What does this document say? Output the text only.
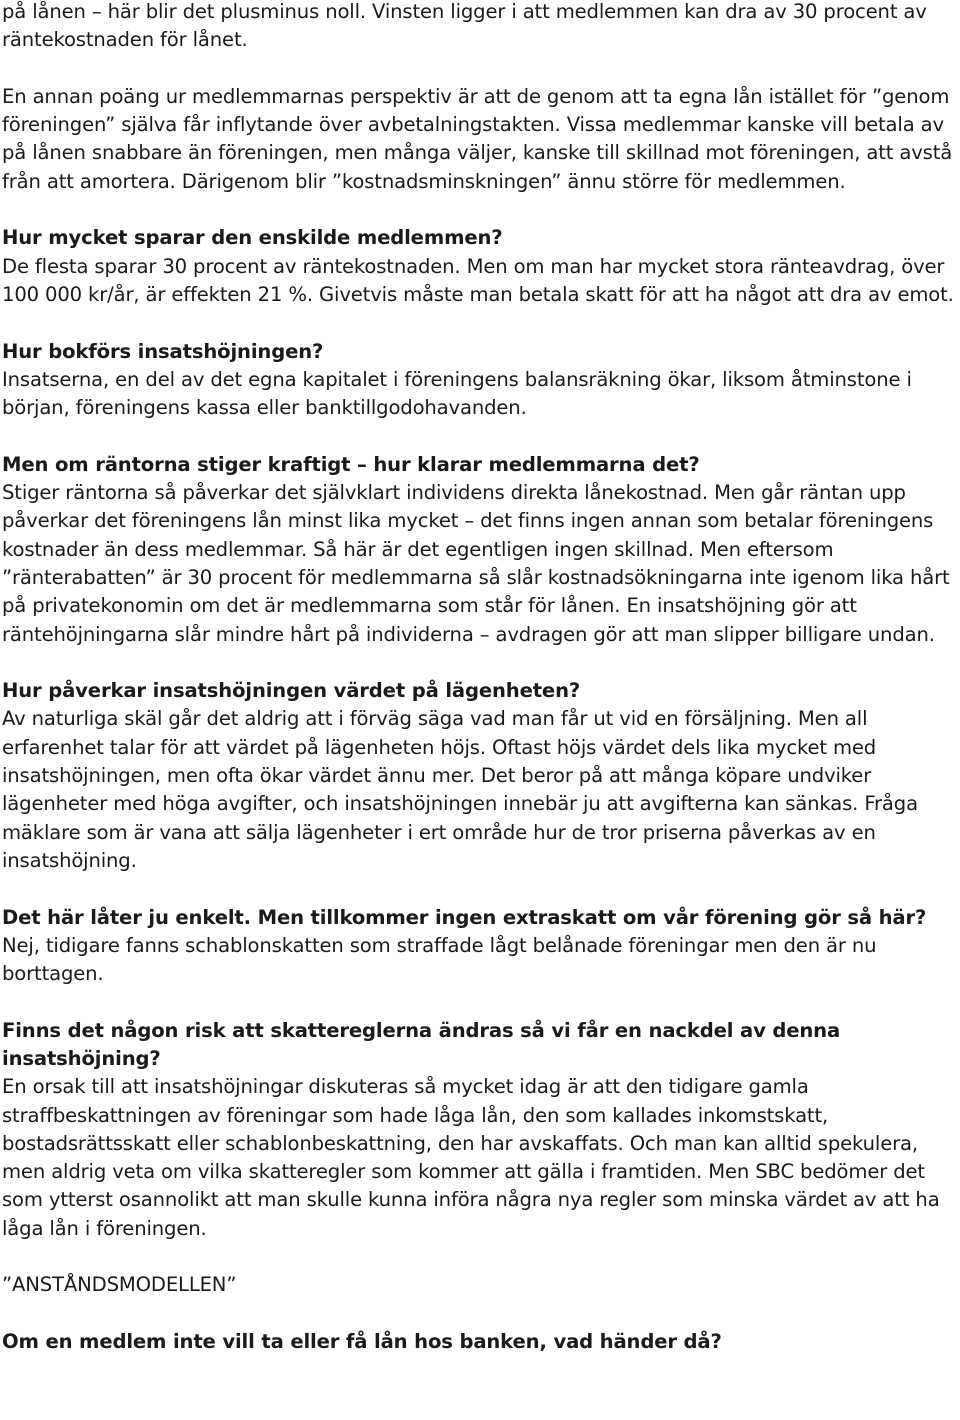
på lånen – här blir det plusminus noll. Vinsten ligger i att medlemmen kan dra av 30 procent av räntekostnaden för lånet.

En annan poäng ur medlemmarnas perspektiv är att de genom att ta egna lån istället för ”genom föreningen” själva får inflytande över avbetalningstakten. Vissa medlemmar kanske vill betala av på lånen snabbare än föreningen, men många väljer, kanske till skillnad mot föreningen, att avstå från att amortera. Därigenom blir ”kostnadsminskningen” ännu större för medlemmen.

Hur mycket sparar den enskilde medlemmen?

De flesta sparar 30 procent av räntekostnaden. Men om man har mycket stora ränteavdrag, över 100 000 kr/år, är effekten 21 %. Givetvis måste man betala skatt för att ha något att dra av emot.

Hur bokförs insatshöjningen?

Insatserna, en del av det egna kapitalet i föreningens balansräkning ökar, liksom åtminstone i början, föreningens kassa eller banktillgodohavanden.

Men om räntorna stiger kraftigt – hur klarar medlemmarna det?

Stiger räntorna så påverkar det självklart individens direkta lånekostnad. Men går räntan upp påverkar det föreningens lån minst lika mycket – det finns ingen annan som betalar föreningens kostnader än dess medlemmar. Så här är det egentligen ingen skillnad. Men eftersom ”ränterabatten” är 30 procent för medlemmarna så slår kostnadsökningarna inte igenom lika hårt på privatekonomin om det är medlemmarna som står för lånen. En insatshöjning gör att räntehöjningarna slår mindre hårt på individerna – avdragen gör att man slipper billigare undan.

Hur påverkar insatshöjningen värdet på lägenheten?

Av naturliga skäl går det aldrig att i förväg säga vad man får ut vid en försäljning. Men all erfarenhet talar för att värdet på lägenheten höjs. Oftast höjs värdet dels lika mycket med insatshöjningen, men ofta ökar värdet ännu mer. Det beror på att många köpare undviker lägenheter med höga avgifter, och insatshöjningen innebär ju att avgifterna kan sänkas. Fråga mäklare som är vana att sälja lägenheter i ert område hur de tror priserna påverkas av en insatshöjning.

Det här låter ju enkelt. Men tillkommer ingen extraskatt om vår förening gör så här?

Nej, tidigare fanns schablonskatten som straffade lågt belånade föreningar men den är nu borttagen.

Finns det någon risk att skattereglerna ändras så vi får en nackdel av denna insatshöjning?

En orsak till att insatshöjningar diskuteras så mycket idag är att den tidigare gamla straffbeskattningen av föreningar som hade låga lån, den som kallades inkomstskatt, bostadsrättsskatt eller schablonbeskattning, den har avskaffats. Och man kan alltid spekulera, men aldrig veta om vilka skatteregler som kommer att gälla i framtiden. Men SBC bedömer det som ytterst osannolikt att man skulle kunna införa några nya regler som minska värdet av att ha låga lån i föreningen.

”ANSTÅNDSMODELLEN”

Om en medlem inte vill ta eller få lån hos banken, vad händer då?
